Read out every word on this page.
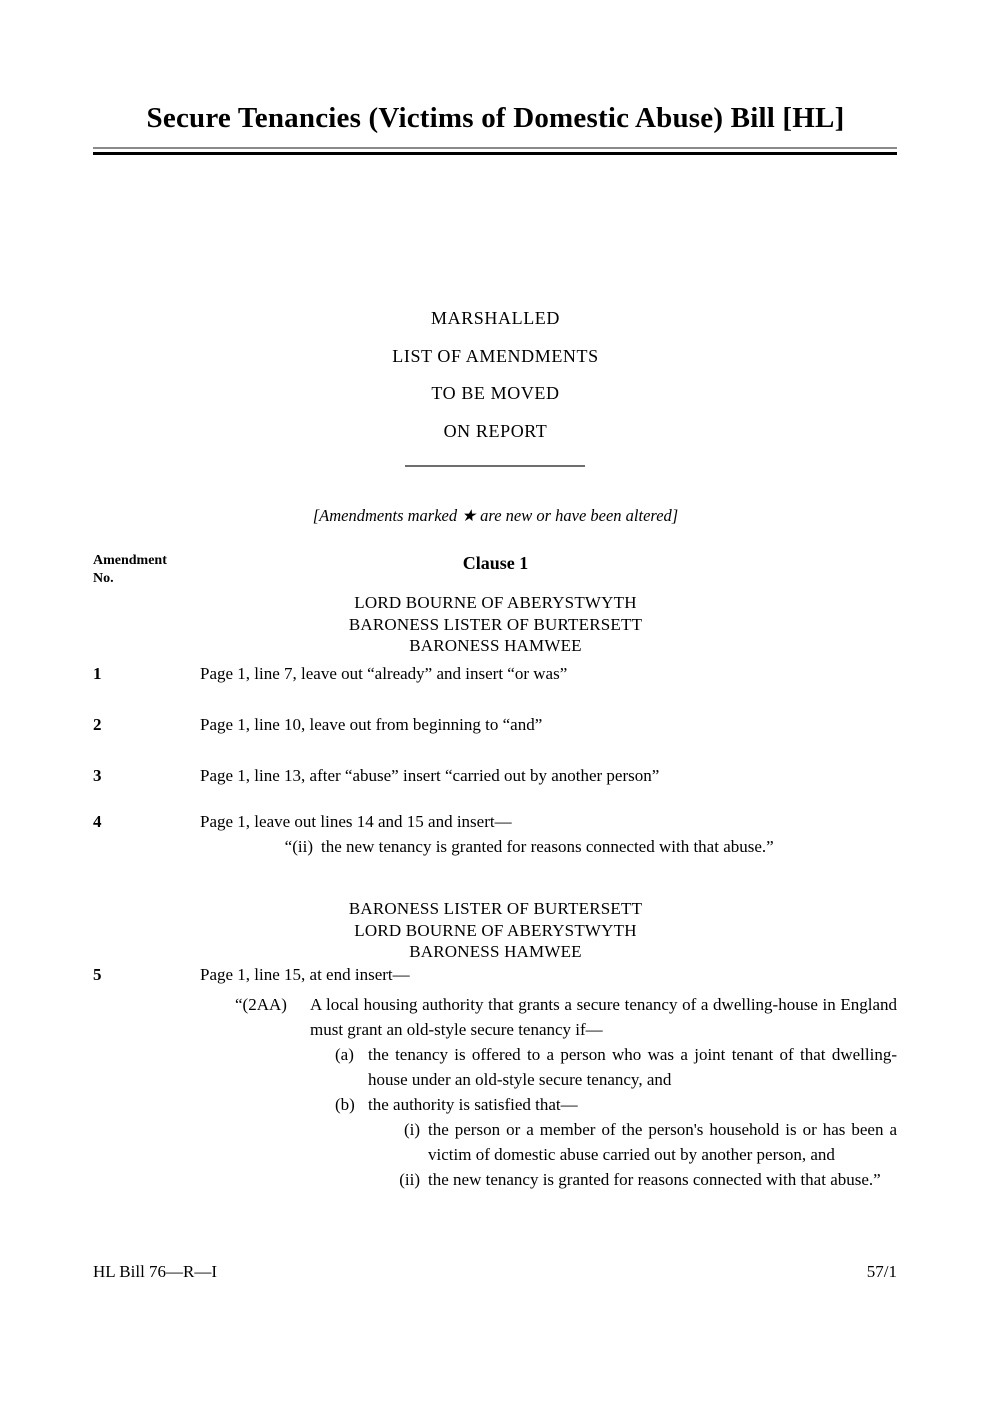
Secure Tenancies (Victims of Domestic Abuse) Bill [HL]
MARSHALLED
LIST OF AMENDMENTS
TO BE MOVED
ON REPORT
[Amendments marked ★ are new or have been altered]
Amendment
No.
Clause 1
LORD BOURNE OF ABERYSTWYTH
BARONESS LISTER OF BURTERSETT
BARONESS HAMWEE
1	Page 1, line 7, leave out “already” and insert “or was”
2	Page 1, line 10, leave out from beginning to “and”
3	Page 1, line 13, after “abuse” insert “carried out by another person”
4	Page 1, leave out lines 14 and 15 and insert—
“(ii) the new tenancy is granted for reasons connected with that abuse.”
BARONESS LISTER OF BURTERSETT
LORD BOURNE OF ABERYSTWYTH
BARONESS HAMWEE
5	Page 1, line 15, at end insert—
“(2AA) A local housing authority that grants a secure tenancy of a dwelling-house in England must grant an old-style secure tenancy if—
(a) the tenancy is offered to a person who was a joint tenant of that dwelling-house under an old-style secure tenancy, and
(b) the authority is satisfied that—
(i) the person or a member of the person's household is or has been a victim of domestic abuse carried out by another person, and
(ii) the new tenancy is granted for reasons connected with that abuse.”
HL Bill 76—R—I	57/1
